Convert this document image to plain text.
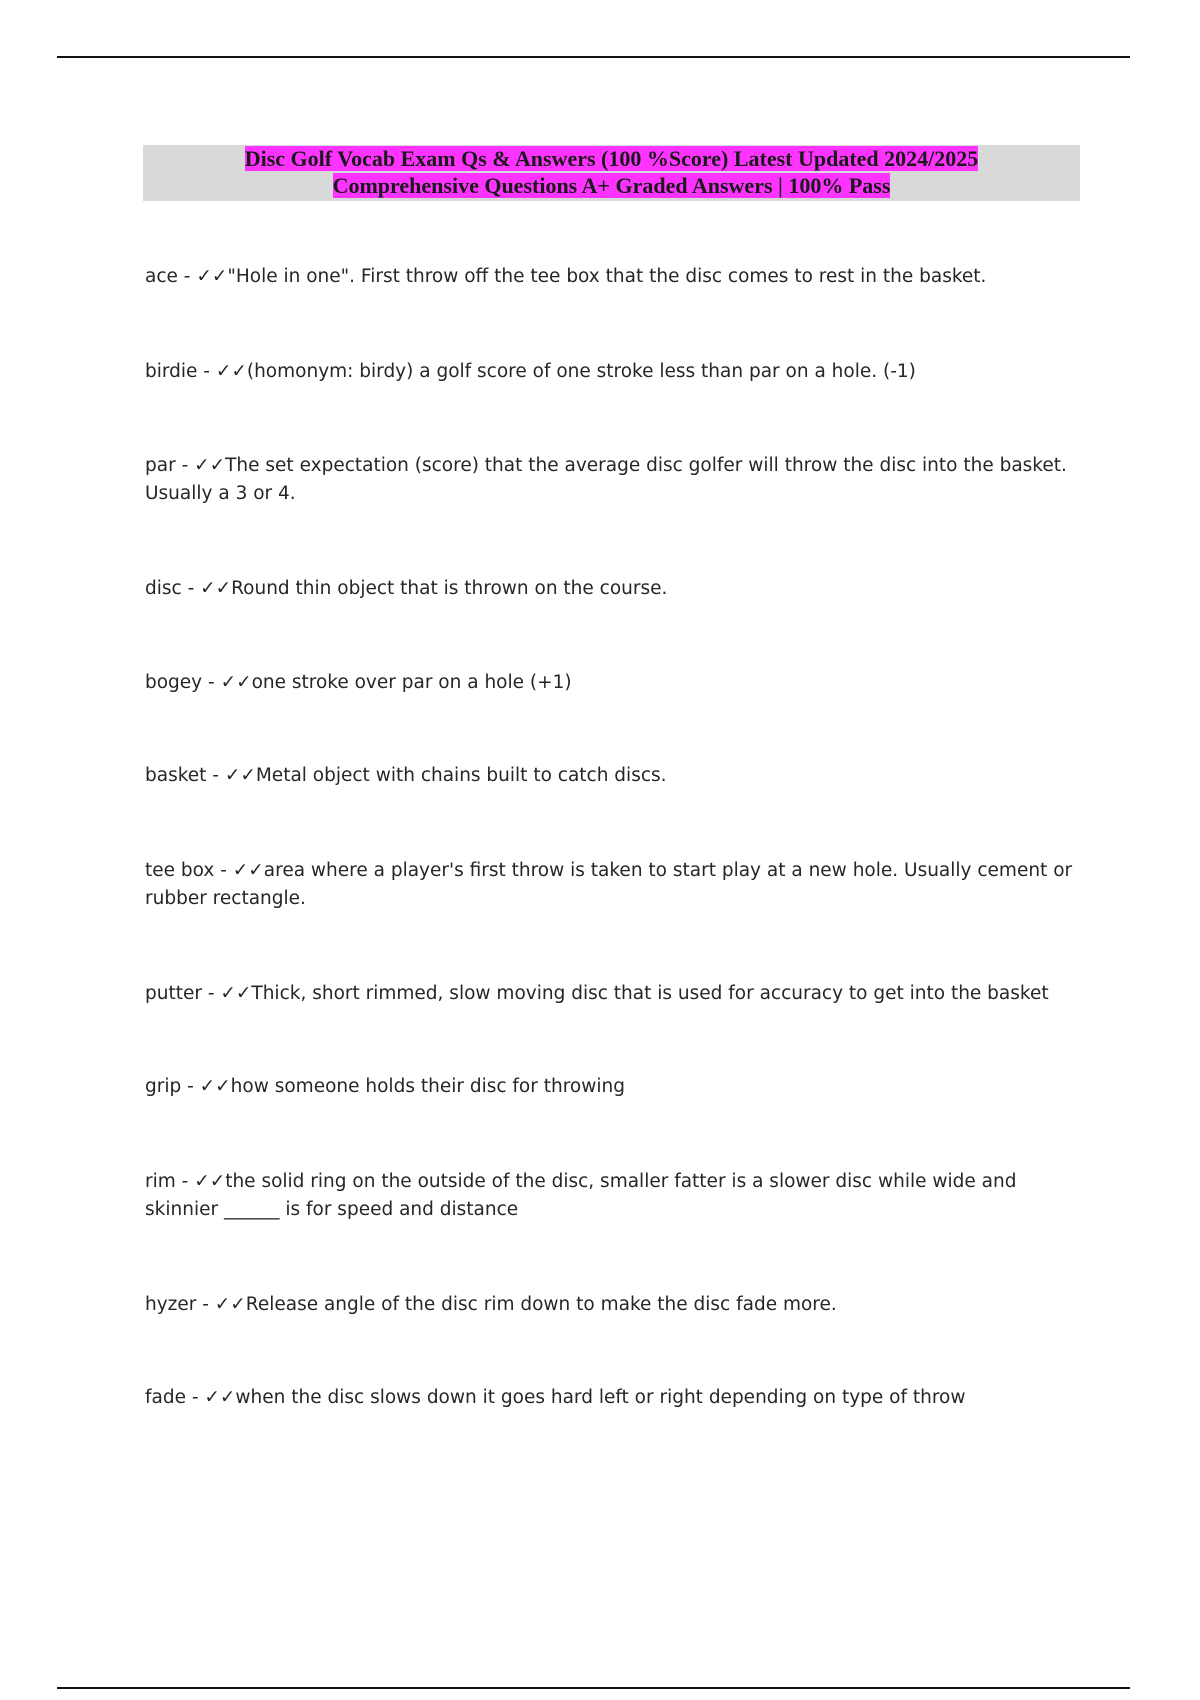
Disc Golf Vocab Exam Qs & Answers (100 %Score) Latest Updated 2024/2025
Comprehensive Questions A+ Graded Answers | 100% Pass
ace - ✓✓"Hole in one". First throw off the tee box that the disc comes to rest in the basket.
birdie - ✓✓(homonym: birdy) a golf score of one stroke less than par on a hole. (-1)
par - ✓✓The set expectation (score) that the average disc golfer will throw the disc into the basket. Usually a 3 or 4.
disc - ✓✓Round thin object that is thrown on the course.
bogey - ✓✓one stroke over par on a hole (+1)
basket - ✓✓Metal object with chains built to catch discs.
tee box - ✓✓area where a player's first throw is taken to start play at a new hole. Usually cement or rubber rectangle.
putter - ✓✓Thick, short rimmed, slow moving disc that is used for accuracy to get into the basket
grip - ✓✓how someone holds their disc for throwing
rim - ✓✓the solid ring on the outside of the disc, smaller fatter is a slower disc while wide and skinnier ______ is for speed and distance
hyzer - ✓✓Release angle of the disc rim down to make the disc fade more.
fade - ✓✓when the disc slows down it goes hard left or right depending on type of throw
